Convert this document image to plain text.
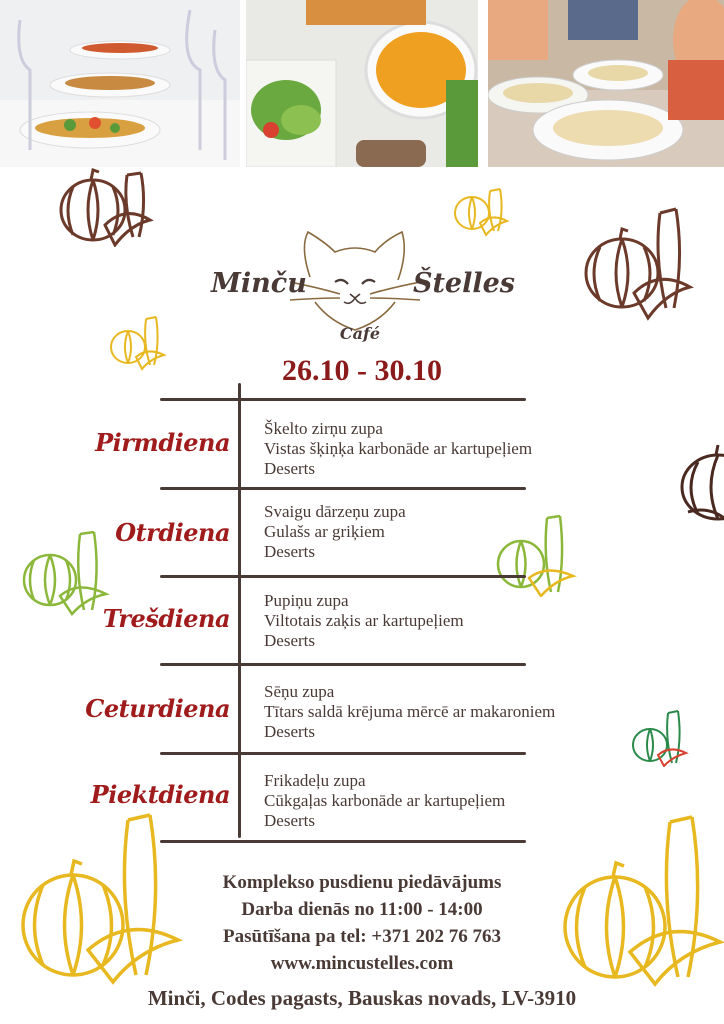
Minču	Štelles
Café
26.10 - 30.10
Pirmdiena Škelto zirņu zupa
Vistas šķiņķa karbonāde ar kartupeļiem
Deserts
Otrdiena
Svaigu dārzeņu zupa
Gulašs ar griķiem
Deserts
Trešdiena
Pupiņu zupa
Viltotais zaķis ar kartupeļiem
Deserts
Ceturdiena
Sēņu zupa
Tītars saldā krējuma mērcē ar makaroniem
Deserts
Piektdiena Frikadeļu zupa
Cūkgaļas karbonāde ar kartupeļiem
Deserts
Komplekso pusdienu piedāvājums
Darba dienās no 11:00 - 14:00
Pasūtīšana pa tel: +371 202 76 763
www.mincustelles.com
Minči, Codes pagasts, Bauskas novads, LV-3910
